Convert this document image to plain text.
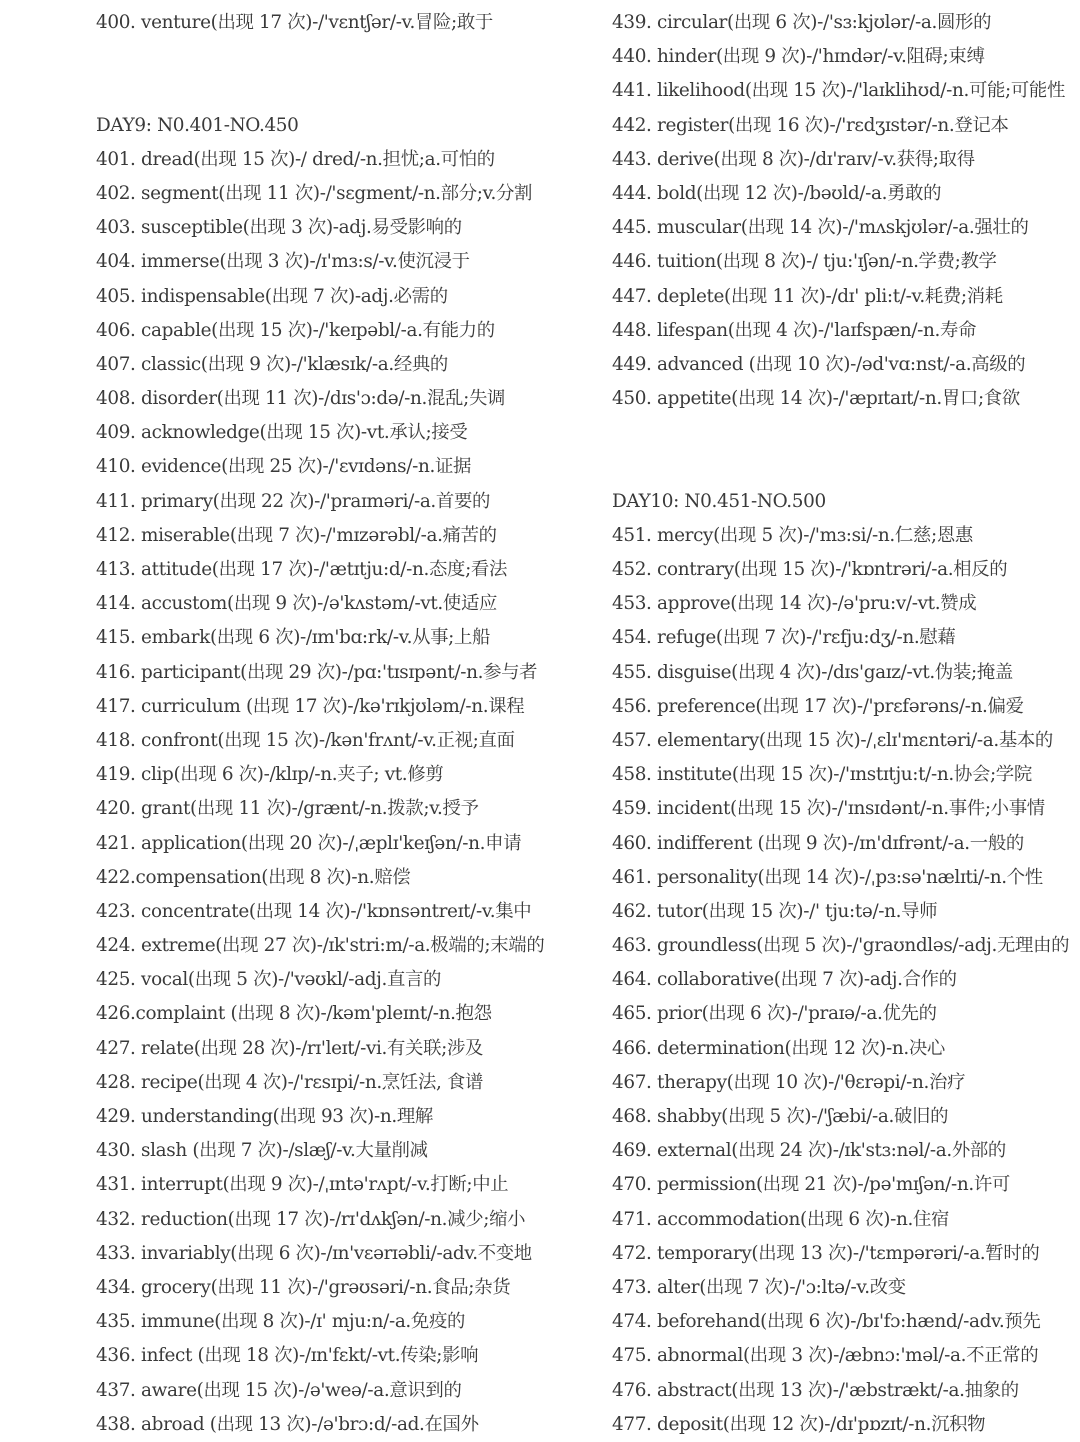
400. venture(出现 17 次)-/'vɛntʃər/-v.冒险;敢于
DAY9: N0.401-NO.450
401. dread(出现 15 次)-/ dred/-n.担忧;a.可怕的
402. segment(出现 11 次)-/'sɛgment/-n.部分;v.分割
403. susceptible(出现 3 次)-adj.易受影响的
404. immerse(出现 3 次)-/ɪ'mɜ:s/-v.使沉浸于
405. indispensable(出现 7 次)-adj.必需的
406. capable(出现 15 次)-/'keɪpəbl/-a.有能力的
407. classic(出现 9 次)-/'klæsɪk/-a.经典的
408. disorder(出现 11 次)-/dɪs'ɔ:də/-n.混乱;失调
409. acknowledge(出现 15 次)-vt.承认;接受
410. evidence(出现 25 次)-/'ɛvɪdəns/-n.证据
411. primary(出现 22 次)-/'praɪməri/-a.首要的
412. miserable(出现 7 次)-/'mɪzərəbl/-a.痛苦的
413. attitude(出现 17 次)-/'ætɪtju:d/-n.态度;看法
414. accustom(出现 9 次)-/ə'kʌstəm/-vt.使适应
415. embark(出现 6 次)-/ɪm'bɑ:rk/-v.从事;上船
416. participant(出现 29 次)-/pɑ:'tɪsɪpənt/-n.参与者
417. curriculum (出现 17 次)-/kə'rɪkjʊləm/-n.课程
418. confront(出现 15 次)-/kən'frʌnt/-v.正视;直面
419. clip(出现 6 次)-/klɪp/-n.夹子; vt.修剪
420. grant(出现 11 次)-/grænt/-n.拨款;v.授予
421. application(出现 20 次)-/ˌæplɪ'keɪʃən/-n.申请
422.compensation(出现 8 次)-n.赔偿
423. concentrate(出现 14 次)-/'kɒnsəntreɪt/-v.集中
424. extreme(出现 27 次)-/ɪk'stri:m/-a.极端的;末端的
425. vocal(出现 5 次)-/'vəʊkl/-adj.直言的
426.complaint (出现 8 次)-/kəm'pleɪnt/-n.抱怨
427. relate(出现 28 次)-/rɪ'leɪt/-vi.有关联;涉及
428. recipe(出现 4 次)-/'rɛsɪpi/-n.烹饪法, 食谱
429. understanding(出现 93 次)-n.理解
430. slash (出现 7 次)-/slæʃ/-v.大量削减
431. interrupt(出现 9 次)-/ˌɪntə'rʌpt/-v.打断;中止
432. reduction(出现 17 次)-/rɪ'dʌkʃən/-n.减少;缩小
433. invariably(出现 6 次)-/ɪn'vɛərɪəbli/-adv.不变地
434. grocery(出现 11 次)-/'grəʊsəri/-n.食品;杂货
435. immune(出现 8 次)-/ɪ' mju:n/-a.免疫的
436. infect (出现 18 次)-/ɪn'fɛkt/-vt.传染;影响
437. aware(出现 15 次)-/ə'weə/-a.意识到的
438. abroad (出现 13 次)-/ə'brɔ:d/-ad.在国外
439. circular(出现 6 次)-/'sɜ:kjʊlər/-a.圆形的
440. hinder(出现 9 次)-/'hɪndər/-v.阻碍;束缚
441. likelihood(出现 15 次)-/'laɪklihʊd/-n.可能;可能性
442. register(出现 16 次)-/'rɛdʒɪstər/-n.登记本
443. derive(出现 8 次)-/dɪ'raɪv/-v.获得;取得
444. bold(出现 12 次)-/bəʊld/-a.勇敢的
445. muscular(出现 14 次)-/'mʌskjʊlər/-a.强壮的
446. tuition(出现 8 次)-/ tju:'ɪʃən/-n.学费;教学
447. deplete(出现 11 次)-/dɪ' pli:t/-v.耗费;消耗
448. lifespan(出现 4 次)-/'laɪfspæn/-n.寿命
449. advanced (出现 10 次)-/əd'vɑ:nst/-a.高级的
450. appetite(出现 14 次)-/'æpɪtaɪt/-n.胃口;食欲
DAY10: N0.451-NO.500
451. mercy(出现 5 次)-/'mɜ:si/-n.仁慈;恩惠
452. contrary(出现 15 次)-/'kɒntrəri/-a.相反的
453. approve(出现 14 次)-/ə'pru:v/-vt.赞成
454. refuge(出现 7 次)-/'rɛfju:dʒ/-n.慰藉
455. disguise(出现 4 次)-/dɪs'gaɪz/-vt.伪装;掩盖
456. preference(出现 17 次)-/'prɛfərəns/-n.偏爱
457. elementary(出现 15 次)-/ˌɛlɪ'mɛntəri/-a.基本的
458. institute(出现 15 次)-/'ɪnstɪtju:t/-n.协会;学院
459. incident(出现 15 次)-/'ɪnsɪdənt/-n.事件;小事情
460. indifferent (出现 9 次)-/ɪn'dɪfrənt/-a.一般的
461. personality(出现 14 次)-/ˌpɜ:sə'nælɪti/-n.个性
462. tutor(出现 15 次)-/' tju:tə/-n.导师
463. groundless(出现 5 次)-/'graʊndləs/-adj.无理由的
464. collaborative(出现 7 次)-adj.合作的
465. prior(出现 6 次)-/'praɪə/-a.优先的
466. determination(出现 12 次)-n.决心
467. therapy(出现 10 次)-/'θɛrəpi/-n.治疗
468. shabby(出现 5 次)-/'ʃæbi/-a.破旧的
469. external(出现 24 次)-/ɪk'stɜ:nəl/-a.外部的
470. permission(出现 21 次)-/pə'mɪʃən/-n.许可
471. accommodation(出现 6 次)-n.住宿
472. temporary(出现 13 次)-/'tɛmpərəri/-a.暂时的
473. alter(出现 7 次)-/'ɔ:ltə/-v.改变
474. beforehand(出现 6 次)-/bɪ'fɔ:hænd/-adv.预先
475. abnormal(出现 3 次)-/æbnɔ:'məl/-a.不正常的
476. abstract(出现 13 次)-/'æbstrækt/-a.抽象的
477. deposit(出现 12 次)-/dɪ'pɒzɪt/-n.沉积物
